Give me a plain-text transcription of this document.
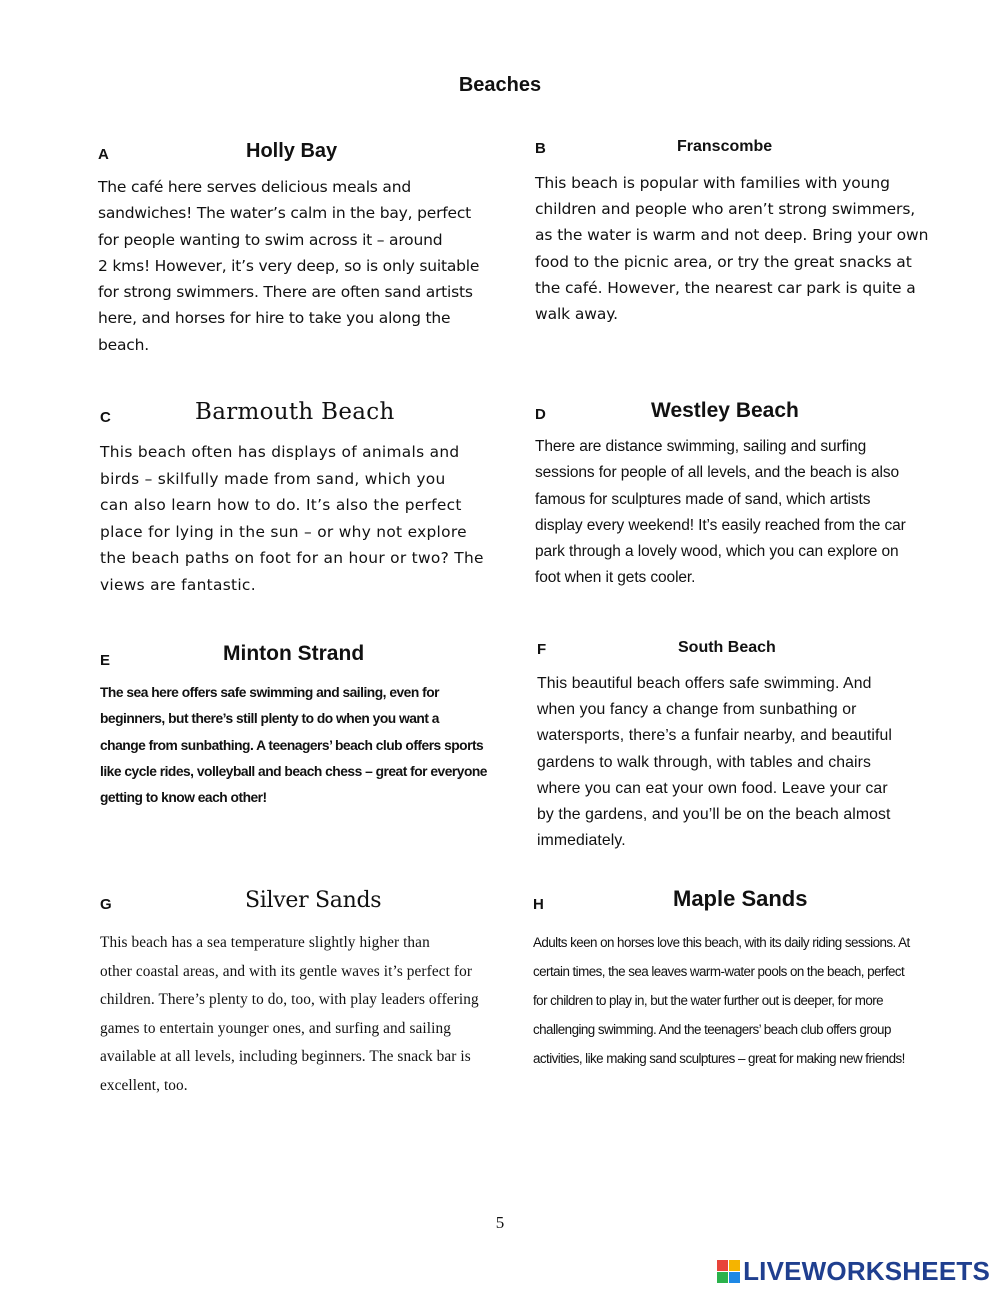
Beaches
A	Holly Bay

The café here serves delicious meals and
sandwiches! The water’s calm in the bay, perfect
for people wanting to swim across it – around
2 kms! However, it’s very deep, so is only suitable
for strong swimmers. There are often sand artists
here, and horses for hire to take you along the
beach.

B	Franscombe

This beach is popular with families with young
children and people who aren’t strong swimmers,
as the water is warm and not deep. Bring your own
food to the picnic area, or try the great snacks at
the café. However, the nearest car park is quite a
walk away.

C	Barmouth Beach

This beach often has displays of animals and
birds – skilfully made from sand, which you
can also learn how to do. It’s also the perfect
place for lying in the sun – or why not explore
the beach paths on foot for an hour or two? The
views are fantastic.

D	Westley Beach

There are distance swimming, sailing and surfing
sessions for people of all levels, and the beach is also
famous for sculptures made of sand, which artists
display every weekend! It’s easily reached from the car
park through a lovely wood, which you can explore on
foot when it gets cooler.

E	Minton Strand

The sea here offers safe swimming and sailing, even for
beginners, but there’s still plenty to do when you want a
change from sunbathing. A teenagers’ beach club offers sports
like cycle rides, volleyball and beach chess – great for everyone
getting to know each other!

F	South Beach

This beautiful beach offers safe swimming. And
when you fancy a change from sunbathing or
watersports, there’s a funfair nearby, and beautiful
gardens to walk through, with tables and chairs
where you can eat your own food. Leave your car
by the gardens, and you’ll be on the beach almost
immediately.

G	Silver Sands

This beach has a sea temperature slightly higher than
other coastal areas, and with its gentle waves it’s perfect for
children. There’s plenty to do, too, with play leaders offering
games to entertain younger ones, and surfing and sailing
available at all levels, including beginners. The snack bar is
excellent, too.

H	Maple Sands

Adults keen on horses love this beach, with its daily riding sessions. At
certain times, the sea leaves warm-water pools on the beach, perfect
for children to play in, but the water further out is deeper, for more
challenging swimming. And the teenagers’ beach club offers group
activities, like making sand sculptures – great for making new friends!

5
LIVEWORKSHEETS
